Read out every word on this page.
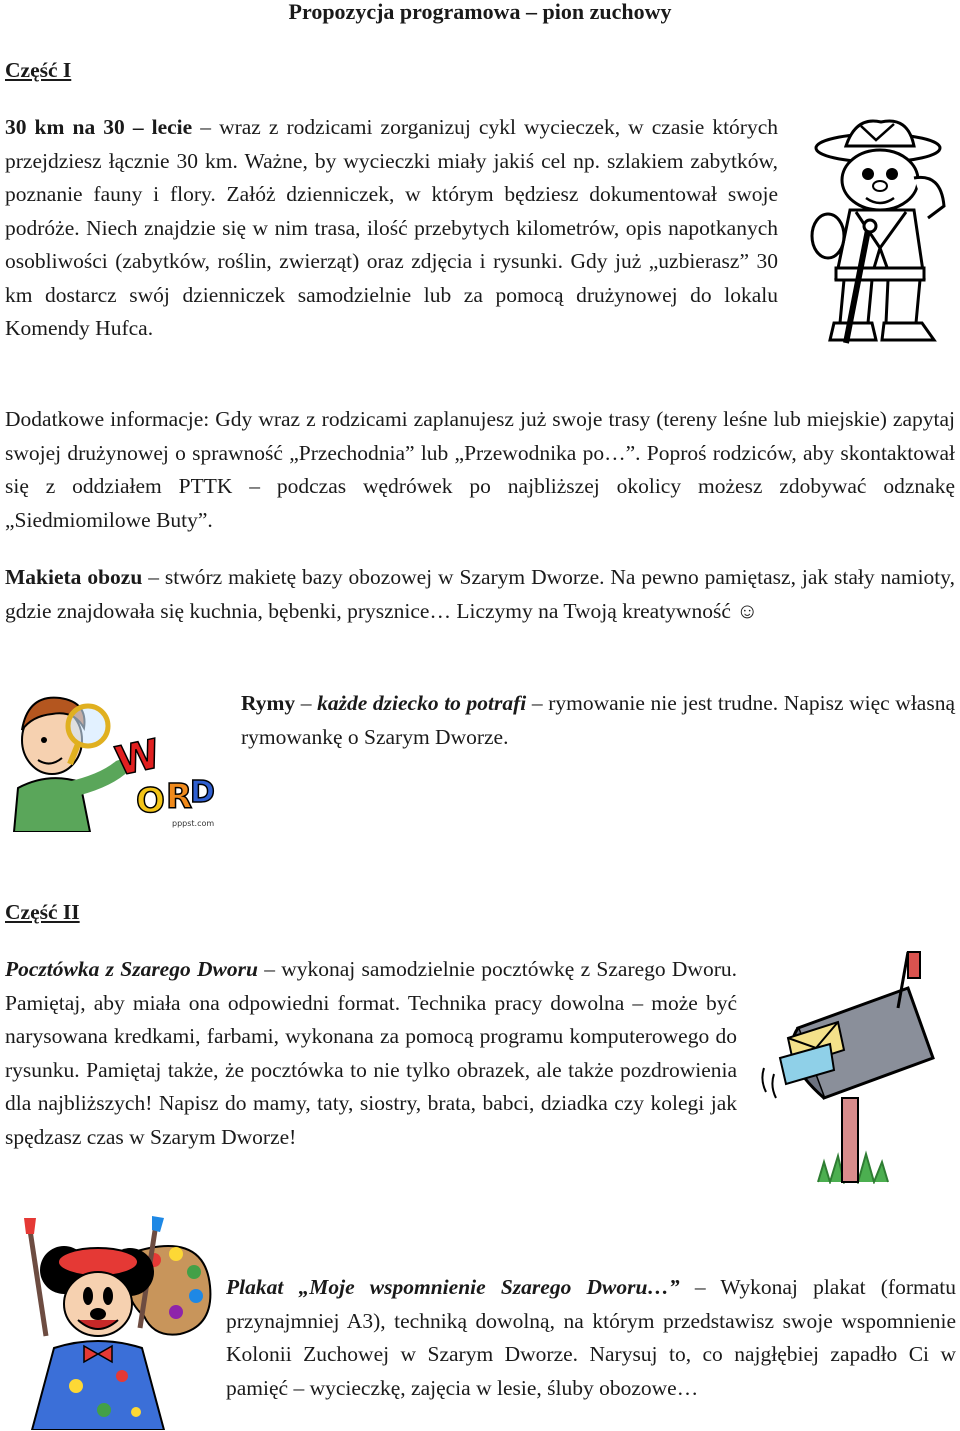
Propozycja programowa – pion zuchowy
Część I
30 km na 30 – lecie – wraz z rodzicami zorganizuj cykl wycieczek, w czasie których przejdziesz łącznie 30 km. Ważne, by wycieczki miały jakiś cel np. szlakiem zabytków, poznanie fauny i flory. Załóż dzienniczek, w którym będziesz dokumentował swoje podróże. Niech znajdzie się w nim trasa, ilość przebytych kilometrów, opis napotkanych osobliwości (zabytków, roślin, zwierząt) oraz zdjęcia i rysunki. Gdy już „uzbierasz” 30 km dostarcz swój dzienniczek samodzielnie lub za pomocą drużynowej do lokalu Komendy Hufca.
Dodatkowe informacje: Gdy wraz z rodzicami zaplanujesz już swoje trasy (tereny leśne lub miejskie) zapytaj swojej drużynowej o sprawność „Przechodnia” lub „Przewodnika po…”. Poproś rodziców, aby skontaktował się z oddziałem PTTK – podczas wędrówek po najbliższej okolicy możesz zdobywać odznakę „Siedmiomilowe Buty”.
Makieta obozu – stwórz makietę bazy obozowej w Szarym Dworze. Na pewno pamiętasz, jak stały namioty, gdzie znajdowała się kuchnia, bębenki, prysznice… Liczymy na Twoją kreatywność ☺
W
O R
D
pppst.com
Rymy – każde dziecko to potrafi – rymowanie nie jest trudne. Napisz więc własną rymowankę o Szarym Dworze.
Część II
Pocztówka z Szarego Dworu – wykonaj samodzielnie pocztówkę z Szarego Dworu. Pamiętaj, aby miała ona odpowiedni format. Technika pracy dowolna – może być narysowana kredkami, farbami, wykonana za pomocą programu komputerowego do rysunku. Pamiętaj także, że pocztówka to nie tylko obrazek, ale także pozdrowienia dla najbliższych! Napisz do mamy, taty, siostry, brata, babci, dziadka czy kolegi jak spędzasz czas w Szarym Dworze!
Plakat „Moje wspomnienie Szarego Dworu…” – Wykonaj plakat (formatu przynajmniej A3), techniką dowolną, na którym przedstawisz swoje wspomnienie Kolonii Zuchowej w Szarym Dworze. Narysuj to, co najgłębiej zapadło Ci w pamięć – wycieczkę, zajęcia w lesie, śluby obozowe…
